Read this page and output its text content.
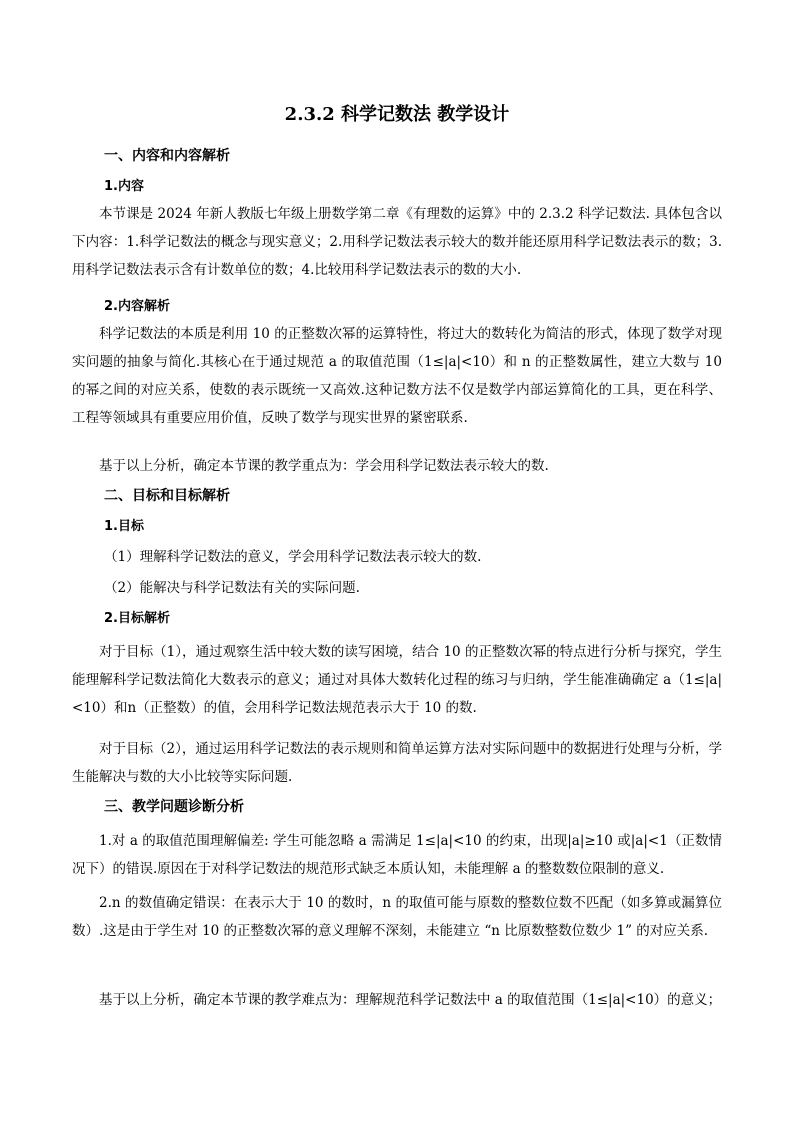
2.3.2 科学记数法 教学设计
一、内容和内容解析
1.内容
本节课是 2024 年新人教版七年级上册数学第二章《有理数的运算》中的 2.3.2 科学记数法. 具体包含以下内容：1.科学记数法的概念与现实意义；2.用科学记数法表示较大的数并能还原用科学记数法表示的数；3.用科学记数法表示含有计数单位的数；4.比较用科学记数法表示的数的大小.
2.内容解析
科学记数法的本质是利用 10 的正整数次幂的运算特性，将过大的数转化为简洁的形式，体现了数学对现实问题的抽象与简化.其核心在于通过规范 a 的取值范围（1≤|a|<10）和 n 的正整数属性，建立大数与 10 的幂之间的对应关系，使数的表示既统一又高效.这种记数方法不仅是数学内部运算简化的工具，更在科学、工程等领域具有重要应用价值，反映了数学与现实世界的紧密联系.
基于以上分析，确定本节课的教学重点为：学会用科学记数法表示较大的数.
二、目标和目标解析
1.目标
（1）理解科学记数法的意义，学会用科学记数法表示较大的数.
（2）能解决与科学记数法有关的实际问题.
2.目标解析
对于目标（1），通过观察生活中较大数的读写困境，结合 10 的正整数次幂的特点进行分析与探究，学生能理解科学记数法简化大数表示的意义；通过对具体大数转化过程的练习与归纳，学生能准确确定 a（1≤|a|<10）和n（正整数）的值，会用科学记数法规范表示大于 10 的数.
对于目标（2），通过运用科学记数法的表示规则和简单运算方法对实际问题中的数据进行处理与分析，学生能解决与数的大小比较等实际问题.
三、教学问题诊断分析
1.对 a 的取值范围理解偏差: 学生可能忽略 a 需满足 1≤|a|<10 的约束，出现|a|≥10 或|a|<1（正数情况下）的错误.原因在于对科学记数法的规范形式缺乏本质认知，未能理解 a 的整数数位限制的意义.
2.n 的数值确定错误：在表示大于 10 的数时，n 的取值可能与原数的整数位数不匹配（如多算或漏算位数）.这是由于学生对 10 的正整数次幂的意义理解不深刻，未能建立 “n 比原数整数位数少 1” 的对应关系.
基于以上分析，确定本节课的教学难点为：理解规范科学记数法中 a 的取值范围（1≤|a|<10）的意义；
